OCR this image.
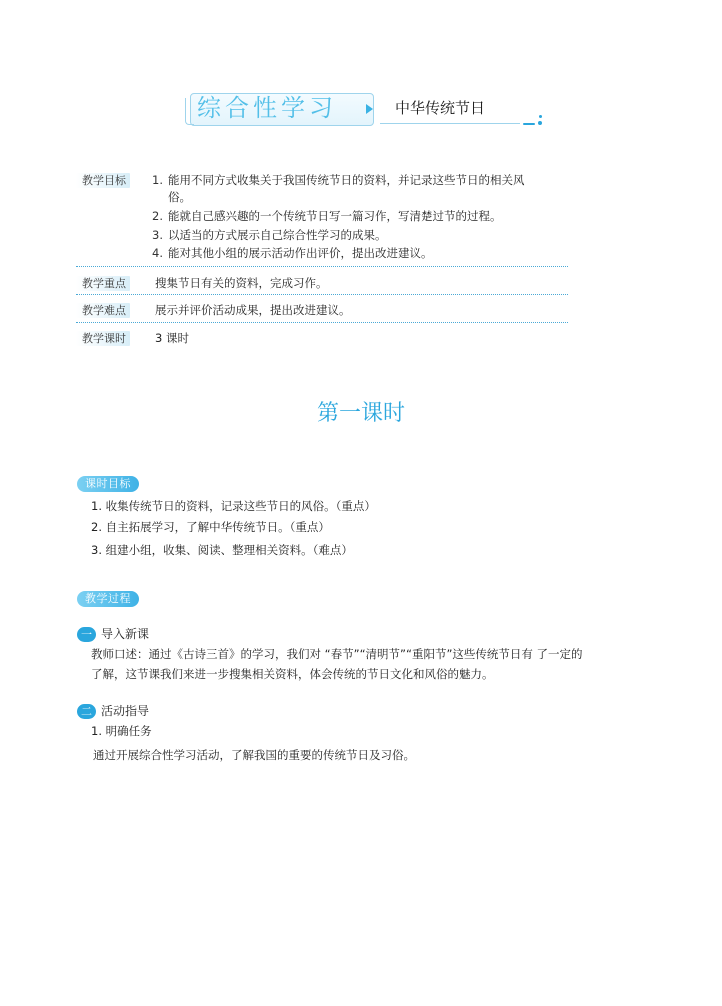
综合性学习	中华传统节日
教学目标	1. 能用不同方式收集关于我国传统节日的资料，并记录这些节日的相关风
俗。
2. 能就自己感兴趣的一个传统节日写一篇习作，写清楚过节的过程。
3. 以适当的方式展示自己综合性学习的成果。
4. 能对其他小组的展示活动作出评价，提出改进建议。
教学重点	搜集节日有关的资料，完成习作。
教学难点	展示并评价活动成果，提出改进建议。
教学课时	3 课时
第一课时
课时目标
1. 收集传统节日的资料，记录这些节日的风俗。（重点）
2. 自主拓展学习，了解中华传统节日。（重点）
3. 组建小组，收集、阅读、整理相关资料。（难点）
教学过程
一 导入新课
教师口述：通过《古诗三首》的学习，我们对 “春节”“清明节”“重阳节”这些传统节日有 了一定的
了解，这节课我们来进一步搜集相关资料，体会传统的节日文化和风俗的魅力。
二 活动指导
1. 明确任务
通过开展综合性学习活动，了解我国的重要的传统节日及习俗。
